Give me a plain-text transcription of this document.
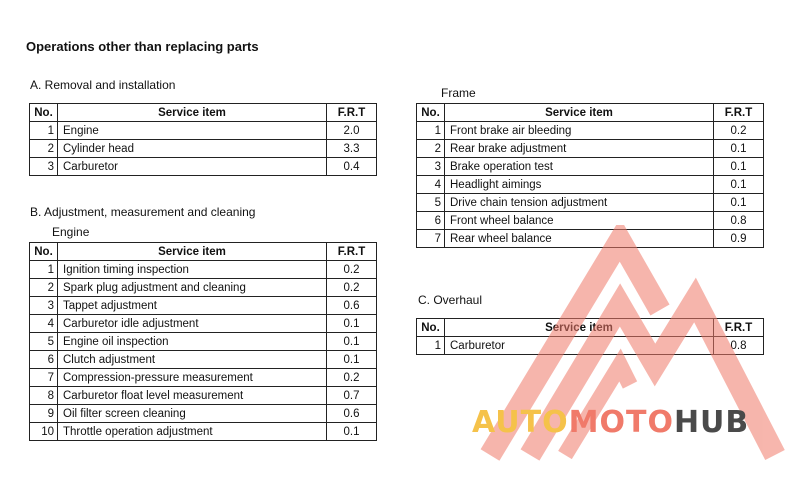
Operations other than replacing parts
A. Removal and installation
No.	Service item	F.R.T
1	Engine	2.0
2	Cylinder head	3.3
3	Carburetor	0.4
B. Adjustment, measurement and cleaning
Engine
No.	Service item	F.R.T
1	Ignition timing inspection	0.2
2	Spark plug adjustment and cleaning	0.2
3	Tappet adjustment	0.6
4	Carburetor idle adjustment	0.1
5	Engine oil inspection	0.1
6	Clutch adjustment	0.1
7	Compression-pressure measurement	0.2
8	Carburetor float level measurement	0.7
9	Oil filter screen cleaning	0.6
10	Throttle operation adjustment	0.1
Frame
No.	Service item	F.R.T
1	Front brake air bleeding	0.2
2	Rear brake adjustment	0.1
3	Brake operation test	0.1
4	Headlight aimings	0.1
5	Drive chain tension adjustment	0.1
6	Front wheel balance	0.8
7	Rear wheel balance	0.9
C. Overhaul
No.	Service item	F.R.T
1	Carburetor	0.8
AUTOMOTOHUB
